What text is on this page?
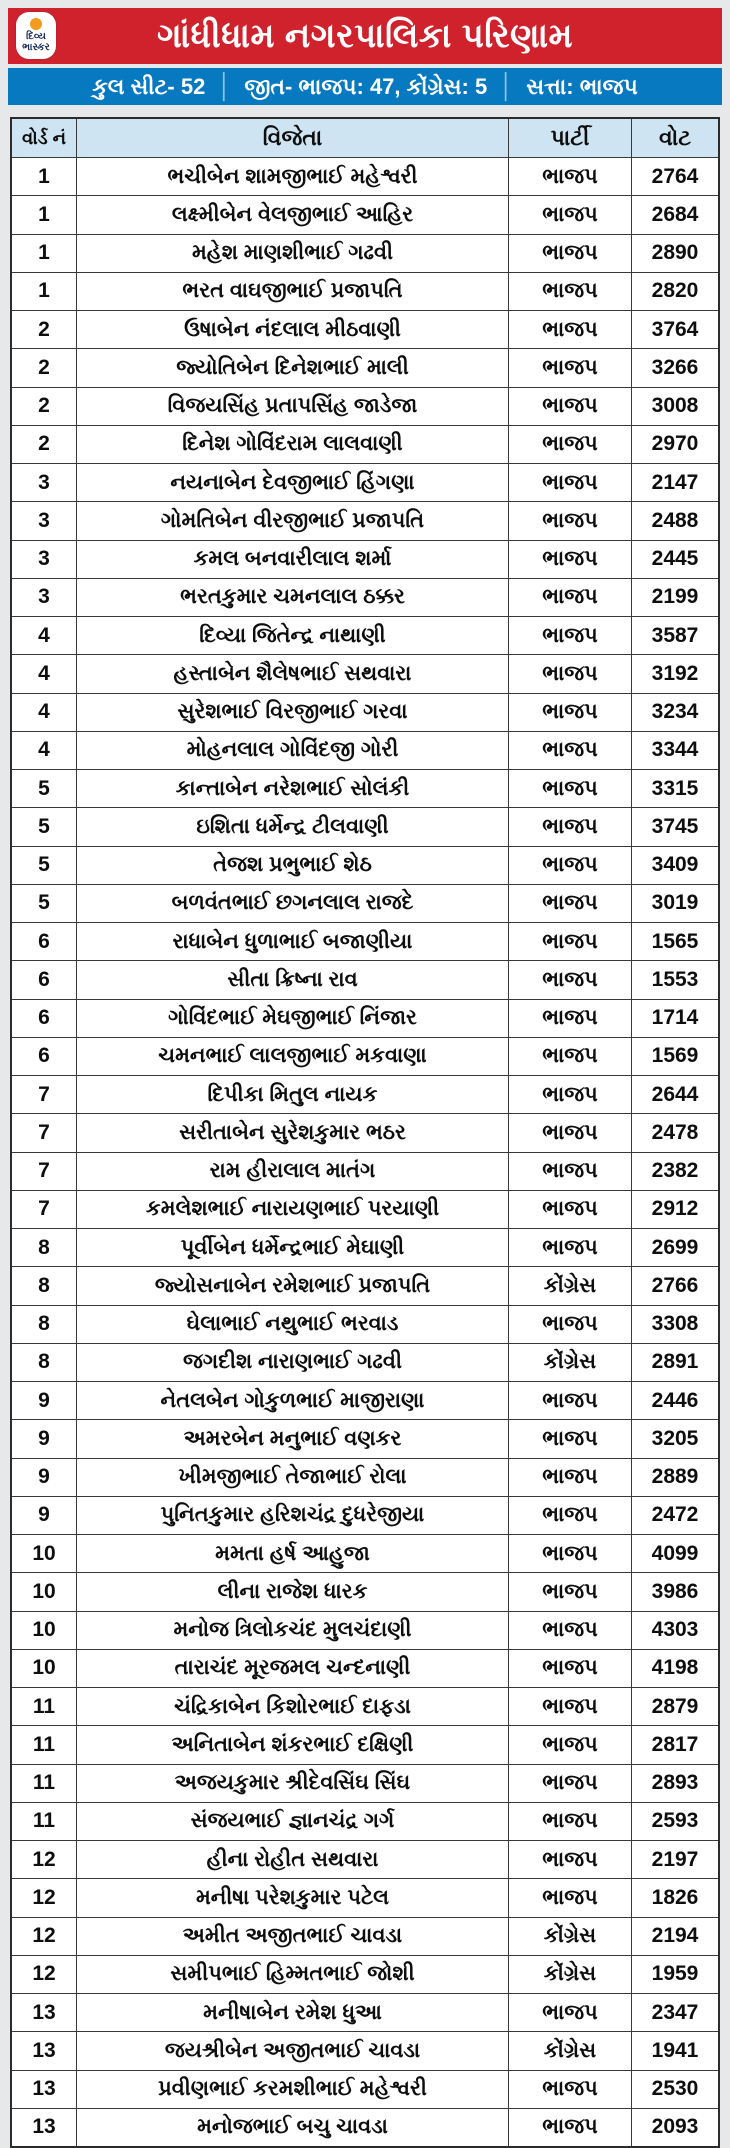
ગાંધીધામ નગરપાલિકા પરિણામ
દિવ્ય
ભાસ્કર
કુલ સીટ- 52 │ જીત- ભાજપ: 47, કોંગ્રેસ: 5 │ સત્તા: ભાજપ
વોર્ડ નં	વિજેતા	પાર્ટી	વોટ
1	ભચીબેન શામજીભાઈ મહેશ્વરી	ભાજપ	2764
1	લક્ષ્મીબેન વેલજીભાઈ આહિર	ભાજપ	2684
1	મહેશ માણશીભાઈ ગઢવી	ભાજપ	2890
1	ભરત વાઘજીભાઈ પ્રજાપતિ	ભાજપ	2820
2	ઉષાબેન નંદલાલ મીઠવાણી	ભાજપ	3764
2	જ્યોતિબેન દિનેશભાઈ માલી	ભાજપ	3266
2	વિજયસિંહ પ્રતાપસિંહ જાડેજા	ભાજપ	3008
2	દિનેશ ગોવિંદરામ લાલવાણી	ભાજપ	2970
3	નયનાબેન દેવજીભાઈ હિંગણા	ભાજપ	2147
3	ગોમતિબેન વીરજીભાઈ પ્રજાપતિ	ભાજપ	2488
3	કમલ બનવારીલાલ શર્મા	ભાજપ	2445
3	ભરતકુમાર ચમનલાલ ઠક્કર	ભાજપ	2199
4	દિવ્યા જિતેન્દ્ર નાથાણી	ભાજપ	3587
4	હસ્તાબેન શૈલેષભાઈ સથવારા	ભાજપ	3192
4	સુરેશભાઈ વિરજીભાઈ ગરવા	ભાજપ	3234
4	મોહનલાલ ગોવિંદજી ગોરી	ભાજપ	3344
5	કાન્તાબેન નરેશભાઈ સોલંકી	ભાજપ	3315
5	ઇશિતા ધર્મેન્દ્ર ટીલવાણી	ભાજપ	3745
5	તેજશ પ્રભુભાઈ શેઠ	ભાજપ	3409
5	બળવંતભાઈ છગનલાલ રાજદે	ભાજપ	3019
6	રાધાબેન ધુળાભાઈ બજાણીયા	ભાજપ	1565
6	સીતા ક્રિષ્ના રાવ	ભાજપ	1553
6	ગોવિંદભાઈ મેઘજીભાઈ નિંજાર	ભાજપ	1714
6	ચમનભાઈ લાલજીભાઈ મકવાણા	ભાજપ	1569
7	દિપીકા મિતુલ નાયક	ભાજપ	2644
7	સરીતાબેન સુરેશકુમાર ભઠર	ભાજપ	2478
7	રામ હીરાલાલ માતંગ	ભાજપ	2382
7	કમલેશભાઈ નારાયણભાઈ પરયાણી	ભાજપ	2912
8	પૂર્વીબેન ધર્મેન્દ્રભાઈ મેઘાણી	ભાજપ	2699
8	જ્યોસનાબેન રમેશભાઈ પ્રજાપતિ	કોંગ્રેસ	2766
8	ઘેલાભાઈ નથુભાઈ ભરવાડ	ભાજપ	3308
8	જગદીશ નારાણભાઈ ગઢવી	કોંગ્રેસ	2891
9	નેતલબેન ગોકુળભાઈ માજીરાણા	ભાજપ	2446
9	અમરબેન મનુભાઈ વણકર	ભાજપ	3205
9	ખીમજીભાઈ તેજાભાઈ રોલા	ભાજપ	2889
9	પુનિતકુમાર હરિશચંદ્ર દુધરેજીયા	ભાજપ	2472
10	મમતા હર્ષ આહુજા	ભાજપ	4099
10	લીના રાજેશ ધારક	ભાજપ	3986
10	મનોજ ત્રિલોકચંદ મુલચંદાણી	ભાજપ	4303
10	તારાચંદ મૂરજમલ ચન્દનાણી	ભાજપ	4198
11	ચંદ્રિકાબેન કિશોરભાઈ દાફડા	ભાજપ	2879
11	અનિતાબેન શંકરભાઈ દક્ષિણી	ભાજપ	2817
11	અજયકુમાર શ્રીદેવસિંઘ સિંઘ	ભાજપ	2893
11	સંજયભાઈ જ્ઞાનચંદ્ર ગર્ગ	ભાજપ	2593
12	હીના રોહીત સથવારા	ભાજપ	2197
12	મનીષા પરેશકુમાર પટેલ	ભાજપ	1826
12	અમીત અજીતભાઈ ચાવડા	કોંગ્રેસ	2194
12	સમીપભાઈ હિમ્મતભાઈ જોશી	કોંગ્રેસ	1959
13	મનીષાબેન રમેશ ધુઆ	ભાજપ	2347
13	જયશ્રીબેન અજીતભાઈ ચાવડા	કોંગ્રેસ	1941
13	પ્રવીણભાઈ કરમશીભાઈ મહેશ્વરી	ભાજપ	2530
13	મનોજભાઈ બચુ ચાવડા	ભાજપ	2093
